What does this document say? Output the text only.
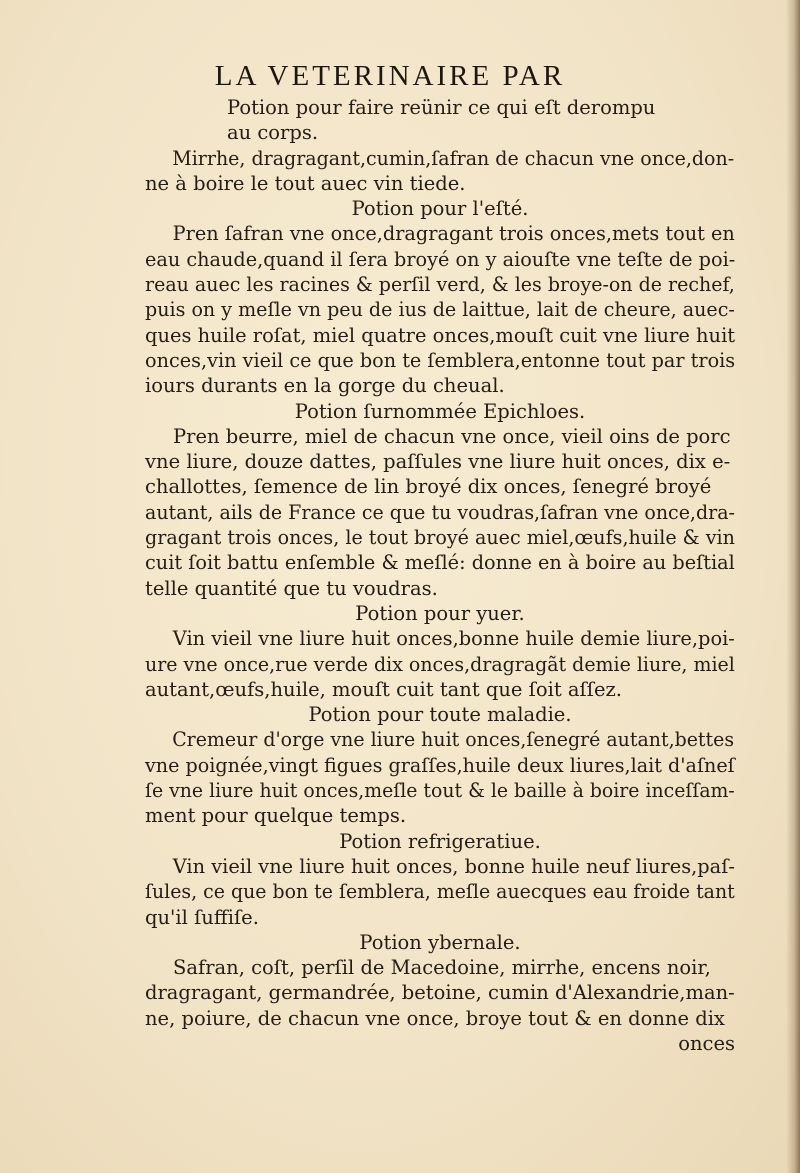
LA VETERINAIRE PAR
Potion pour faire reünir ce qui eſt derompu
au corps.
Mirrhe, dragragant,cumin,ſafran de chacun vne once,don-
ne à boire le tout auec vin tiede.
Potion pour l'eſté.
Pren ſafran vne once,dragragant trois onces,mets tout en
eau chaude,quand il ſera broyé on y aiouſte vne teſte de poi-
reau auec les racines & perſil verd, & les broye-on de rechef,
puis on y meſle vn peu de ius de laittue, lait de cheure, auec-
ques huile roſat, miel quatre onces,mouſt cuit vne liure huit
onces,vin vieil ce que bon te ſemblera,entonne tout par trois
iours durants en la gorge du cheual.
Potion ſurnommée Epichloes.
Pren beurre, miel de chacun vne once, vieil oins de porc
vne liure, douze dattes, paſſules vne liure huit onces, dix e-
challottes, ſemence de lin broyé dix onces, ſenegré broyé
autant, ails de France ce que tu voudras,ſafran vne once,dra-
gragant trois onces, le tout broyé auec miel,œufs,huile & vin
cuit ſoit battu enſemble & meſlé: donne en à boire au beſtial
telle quantité que tu voudras.
Potion pour yuer.
Vin vieil vne liure huit onces,bonne huile demie liure,poi-
ure vne once,rue verde dix onces,dragragãt demie liure, miel
autant,œufs,huile, mouſt cuit tant que ſoit aſſez.
Potion pour toute maladie.
Cremeur d'orge vne liure huit onces,ſenegré autant,bettes
vne poignée,vingt figues graſſes,huile deux liures,lait d'aſneſ
ſe vne liure huit onces,meſle tout & le baille à boire inceſſam-
ment pour quelque temps.
Potion refrigeratiue.
Vin vieil vne liure huit onces, bonne huile neuf liures,paſ-
ſules, ce que bon te ſemblera, meſle auecques eau froide tant
qu'il ſuffiſe.
Potion ybernale.
Safran, coſt, perſil de Macedoine, mirrhe, encens noir,
dragragant, germandrée, betoine, cumin d'Alexandrie,man-
ne, poiure, de chacun vne once, broye tout & en donne dix
onces
